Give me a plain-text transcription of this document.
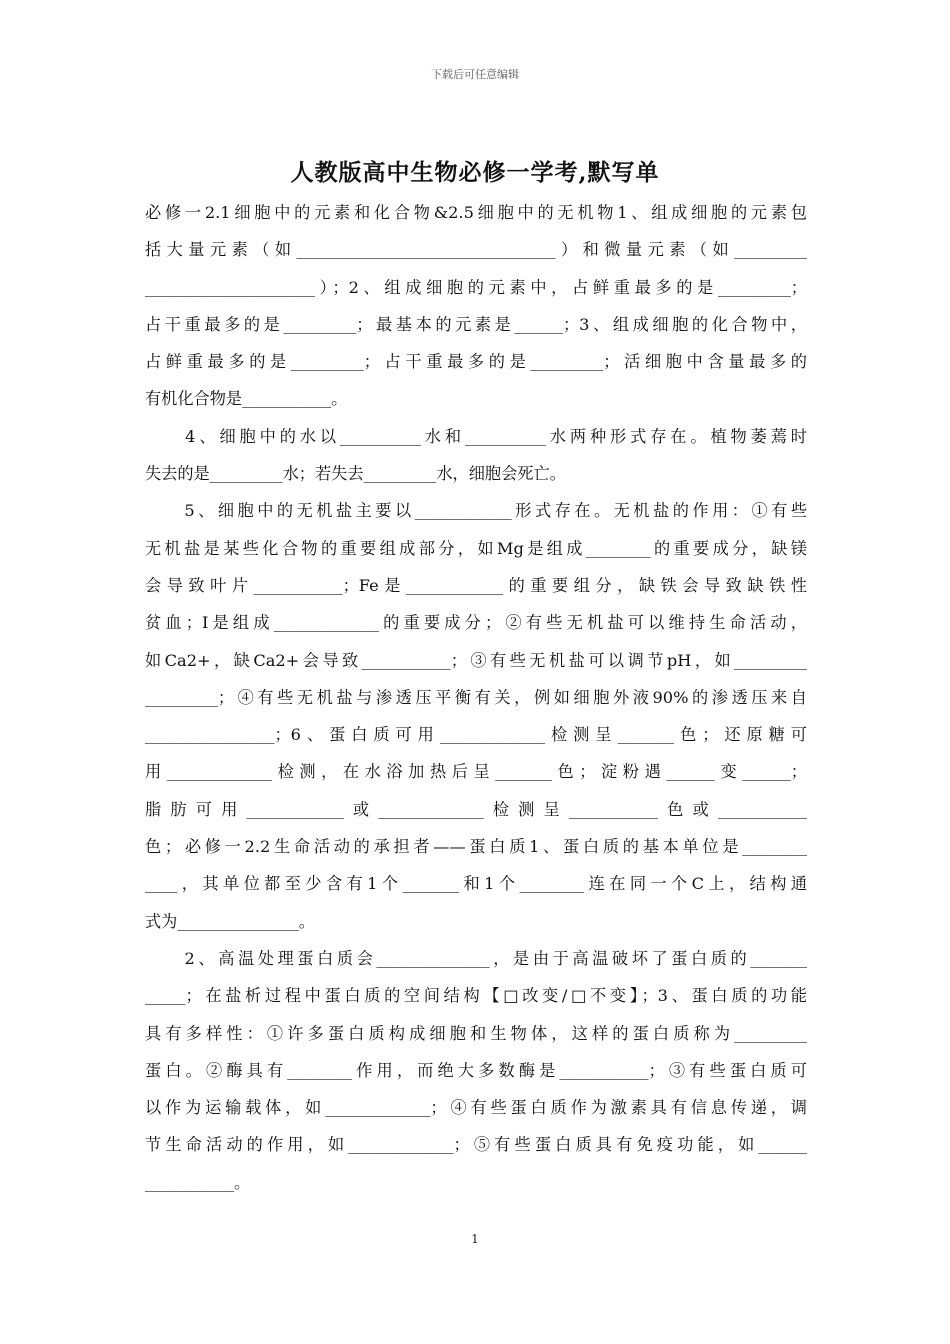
下载后可任意编辑
人教版高中生物必修一学考,默写单
必修一2.1细胞中的元素和化合物&2.5细胞中的无机物1、组成细胞的元素包
括大量元素（如________________________________）和微量元素（如_________
_____________________）；2、组成细胞的元素中，占鲜重最多的是_________；
占干重最多的是_________；最基本的元素是______；3、组成细胞的化合物中，
占鲜重最多的是_________；占干重最多的是_________；活细胞中含量最多的
有机化合物是___________。
　　4、细胞中的水以__________水和__________水两种形式存在。植物萎蔫时
失去的是_________水；若失去_________水，细胞会死亡。
　　5、细胞中的无机盐主要以____________形式存在。无机盐的作用：①有些
无机盐是某些化合物的重要组成部分，如Mg是组成________的重要成分，缺镁
会导致叶片___________；Fe是____________的重要组分，缺铁会导致缺铁性
贫血；I是组成_____________的重要成分；②有些无机盐可以维持生命活动，
如Ca2+，缺Ca2+会导致___________；③有些无机盐可以调节pH，如_________
_________；④有些无机盐与渗透压平衡有关，例如细胞外液90%的渗透压来自
________________；6、蛋白质可用_____________检测呈_______色；还原糖可
用_____________检测，在水浴加热后呈_______色；淀粉遇______变______；
脂肪可用____________或_____________检测呈___________色或___________
色；必修一2.2生命活动的承担者——蛋白质1、蛋白质的基本单位是________
____，其单位都至少含有1个_______和1个________连在同一个C上，结构通
式为_______________。
　　2、高温处理蛋白质会______________，是由于高温破坏了蛋白质的_______
_____；在盐析过程中蛋白质的空间结构【□改变/□不变】；3、蛋白质的功能
具有多样性：①许多蛋白质构成细胞和生物体，这样的蛋白质称为_________
蛋白。②酶具有________作用，而绝大多数酶是___________；③有些蛋白质可
以作为运输载体，如_____________；④有些蛋白质作为激素具有信息传递，调
节生命活动的作用，如_____________；⑤有些蛋白质具有免疫功能，如______
___________。
1
